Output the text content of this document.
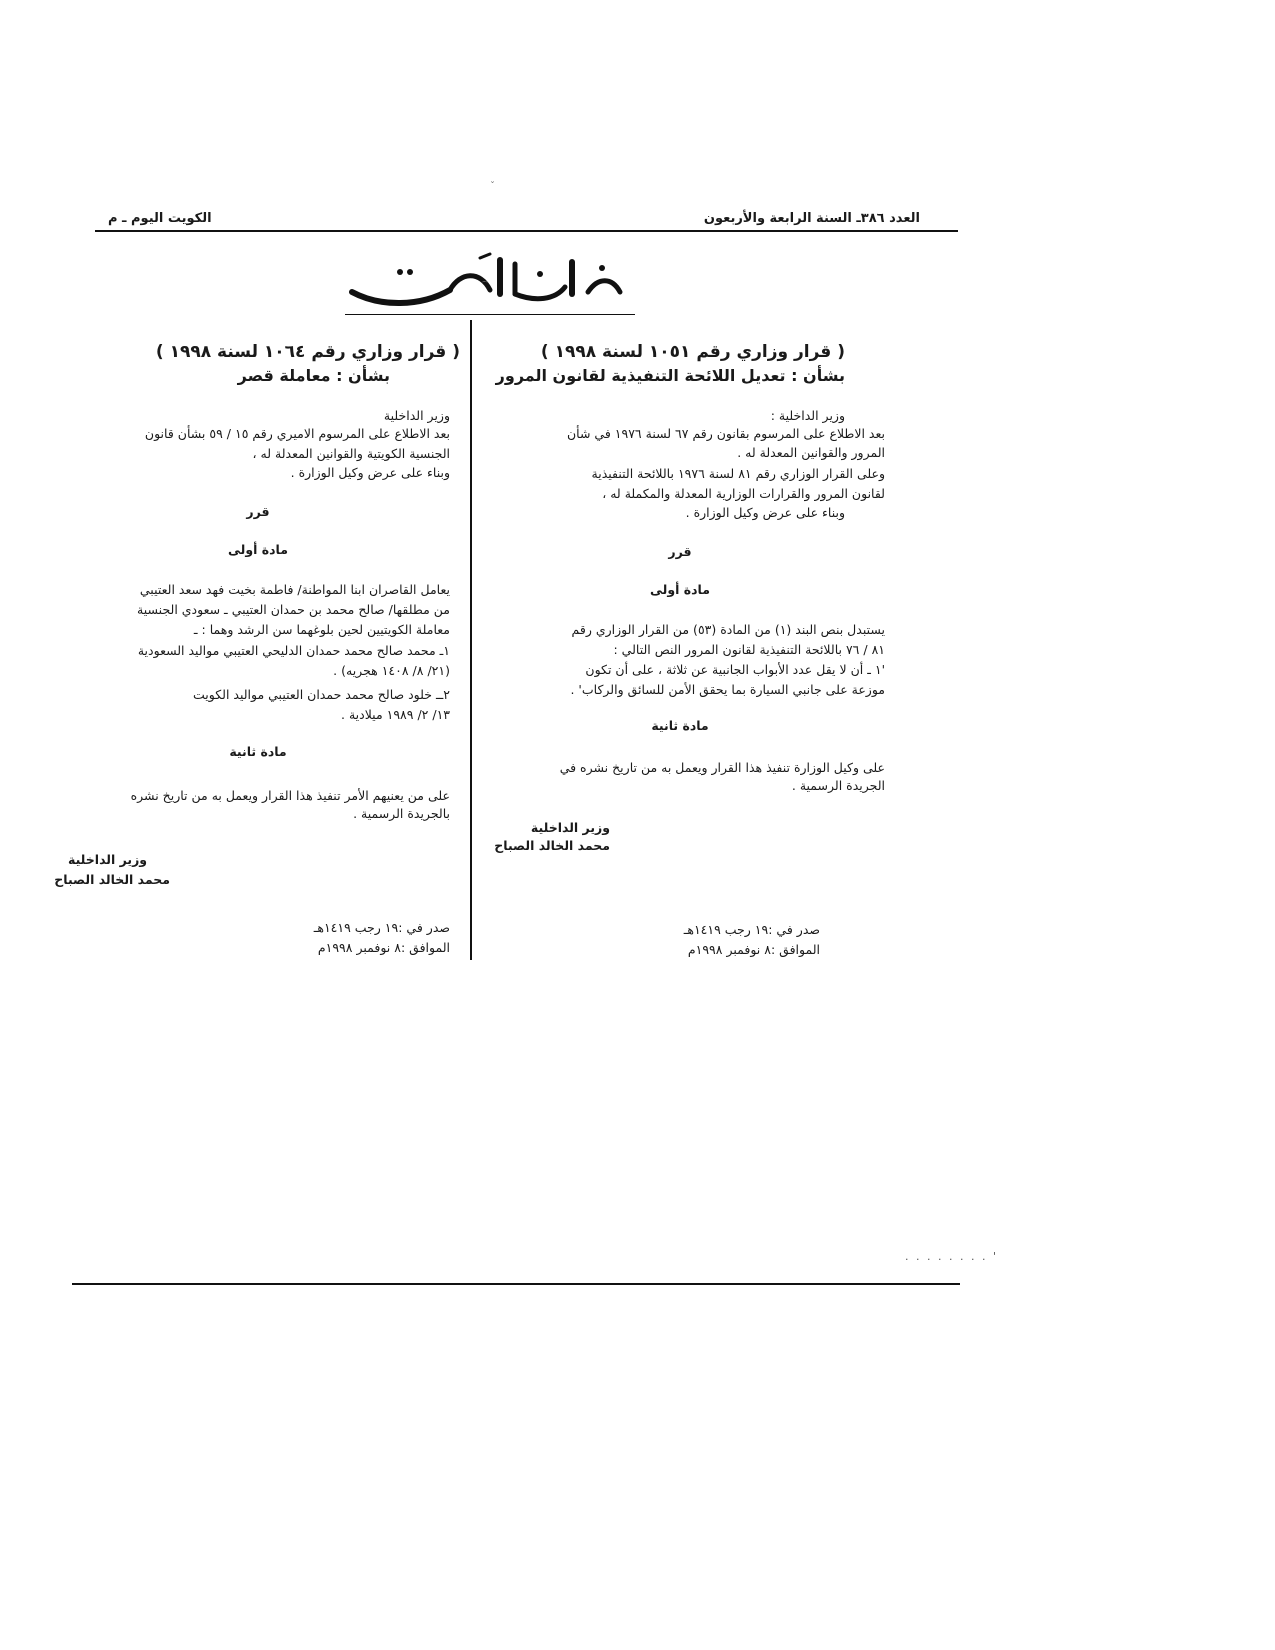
العدد ٣٨٦ـ السنة الرابعة والأربعون
الكويت اليوم ـ م
ˇ
وزارة الداخلية
( قرار وزاري رقم ١٠٥١ لسنة ١٩٩٨ )
بشأن : تعديل اللائحة التنفيذية لقانون المرور
وزير الداخلية :
بعد الاطلاع على المرسوم بقانون رقم ٦٧ لسنة ١٩٧٦ في شأن
المرور والقوانين المعدلة له .
وعلى القرار الوزاري رقم ٨١ لسنة ١٩٧٦ باللائحة التنفيذية
لقانون المرور والقرارات الوزارية المعدلة والمكملة له ،
وبناء على عرض وكيل الوزارة .
قرر
مادة أولى
يستبدل بنص البند (١) من المادة (٥٣) من القرار الوزاري رقم
٨١ / ٧٦ باللائحة التنفيذية لقانون المرور النص التالي :
'١ ـ أن لا يقل عدد الأبواب الجانبية عن ثلاثة ، على أن تكون
موزعة على جانبي السيارة بما يحقق الأمن للسائق والركاب' .
مادة ثانية
على وكيل الوزارة تنفيذ هذا القرار ويعمل به من تاريخ نشره في
الجريدة الرسمية .
وزير الداخلية
محمد الخالد الصباح
صدر في :١٩ رجب ١٤١٩هـ
الموافق :٨ نوفمبر ١٩٩٨م
( قرار وزاري رقم ١٠٦٤ لسنة ١٩٩٨ )
بشأن : معاملة قصر
وزير الداخلية
بعد الاطلاع على المرسوم الاميري رقم ١٥ / ٥٩ بشأن قانون
الجنسية الكويتية والقوانين المعدلة له ،
وبناء على عرض وكيل الوزارة .
قرر
مادة أولى
يعامل القاصران ابنا المواطنة/ فاطمة بخيت فهد سعد العتيبي
من مطلقها/ صالح محمد بن حمدان العتيبي ـ سعودي الجنسية
معاملة الكويتيين لحين بلوغهما سن الرشد وهما : ـ
١ـ محمد صالح محمد حمدان الدليحي العتيبي مواليد السعودية
(٢١/ ٨/ ١٤٠٨ هجريه) .
٢ــ خلود صالح محمد حمدان العتيبي مواليد الكويت
١٣/ ٢/ ١٩٨٩ ميلادية .
مادة ثانية
على من يعنيهم الأمر تنفيذ هذا القرار ويعمل به من تاريخ نشره
بالجريدة الرسمية .
وزير الداخلية
محمد الخالد الصباح
صدر في :١٩ رجب ١٤١٩هـ
الموافق :٨ نوفمبر ١٩٩٨م
. . . . . . . . '
